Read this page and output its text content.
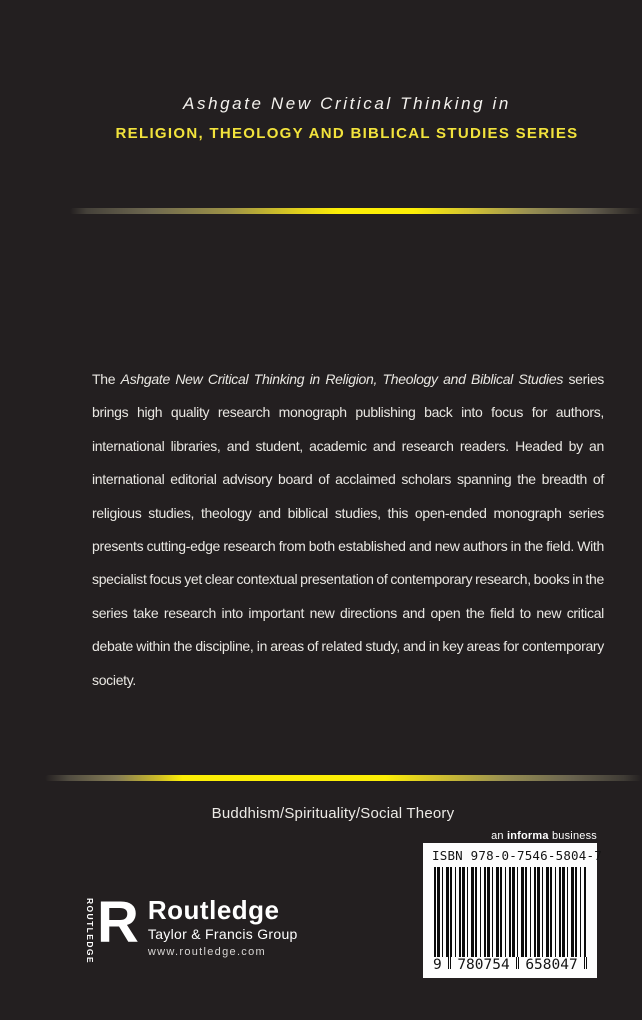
Ashgate New Critical Thinking in
RELIGION, THEOLOGY AND BIBLICAL STUDIES SERIES

The Ashgate New Critical Thinking in Religion, Theology and Biblical Studies series brings high quality research monograph publishing back into focus for authors, international libraries, and student, academic and research readers. Headed by an international editorial advisory board of acclaimed scholars spanning the breadth of religious studies, theology and biblical studies, this open-ended monograph series presents cutting-edge research from both established and new authors in the field. With specialist focus yet clear contextual presentation of contemporary research, books in the series take research into important new directions and open the field to new critical debate within the discipline, in areas of related study, and in key areas for contemporary society.

Buddhism/Spirituality/Social Theory
an informa business
ISBN 978-0-7546-5804-7
9 780754 658047
ROUTLEDGE R Routledge
Taylor & Francis Group
www.routledge.com
